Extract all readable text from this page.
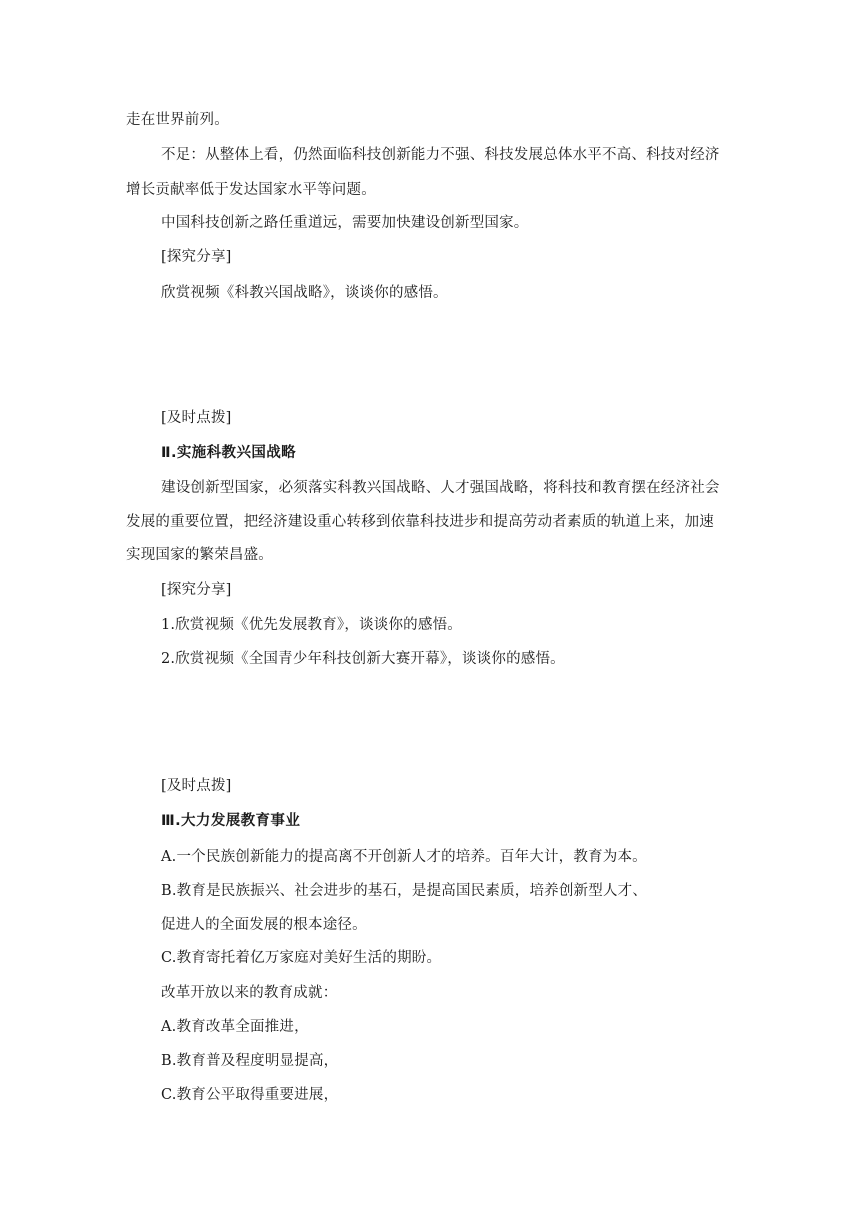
走在世界前列。
不足：从整体上看，仍然面临科技创新能力不强、科技发展总体水平不高、科技对经济
增长贡献率低于发达国家水平等问题。
中国科技创新之路任重道远，需要加快建设创新型国家。
[探究分享]
欣赏视频《科教兴国战略》，谈谈你的感悟。
[及时点拨]
Ⅱ.实施科教兴国战略
建设创新型国家，必须落实科教兴国战略、人才强国战略，将科技和教育摆在经济社会
发展的重要位置，把经济建设重心转移到依靠科技进步和提高劳动者素质的轨道上来，加速
实现国家的繁荣昌盛。
[探究分享]
1.欣赏视频《优先发展教育》，谈谈你的感悟。
2.欣赏视频《全国青少年科技创新大赛开幕》，谈谈你的感悟。
[及时点拨]
Ⅲ.大力发展教育事业
A.一个民族创新能力的提高离不开创新人才的培养。百年大计，教育为本。
B.教育是民族振兴、社会进步的基石，是提高国民素质，培养创新型人才、
促进人的全面发展的根本途径。
C.教育寄托着亿万家庭对美好生活的期盼。
改革开放以来的教育成就：
A.教育改革全面推进，
B.教育普及程度明显提高，
C.教育公平取得重要进展，
